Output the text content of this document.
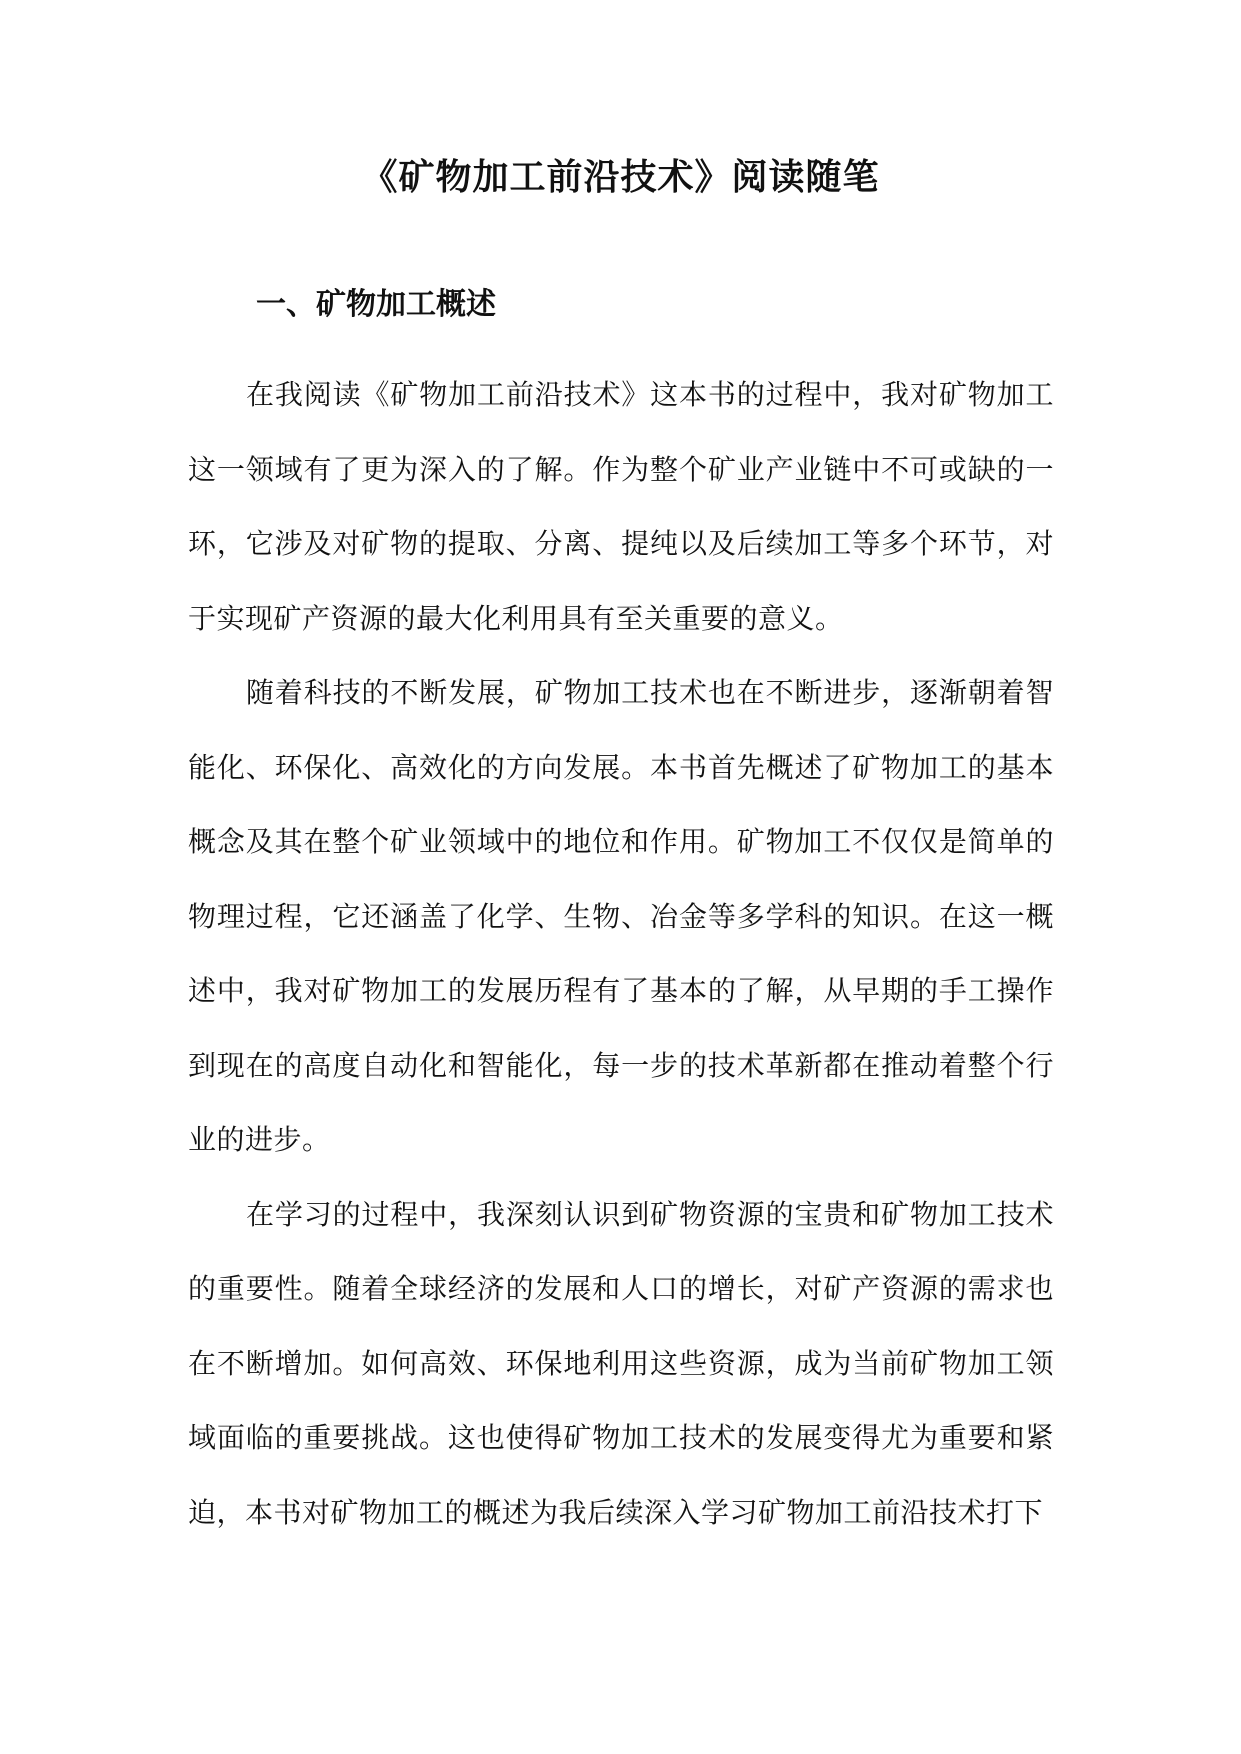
《矿物加工前沿技术》阅读随笔
一、矿物加工概述

在我阅读《矿物加工前沿技术》这本书的过程中，我对矿物加工这一领域有了更为深入的了解。作为整个矿业产业链中不可或缺的一环，它涉及对矿物的提取、分离、提纯以及后续加工等多个环节，对于实现矿产资源的最大化利用具有至关重要的意义。

随着科技的不断发展，矿物加工技术也在不断进步，逐渐朝着智能化、环保化、高效化的方向发展。本书首先概述了矿物加工的基本概念及其在整个矿业领域中的地位和作用。矿物加工不仅仅是简单的物理过程，它还涵盖了化学、生物、冶金等多学科的知识。在这一概述中，我对矿物加工的发展历程有了基本的了解，从早期的手工操作到现在的高度自动化和智能化，每一步的技术革新都在推动着整个行业的进步。

在学习的过程中，我深刻认识到矿物资源的宝贵和矿物加工技术的重要性。随着全球经济的发展和人口的增长，对矿产资源的需求也在不断增加。如何高效、环保地利用这些资源，成为当前矿物加工领域面临的重要挑战。这也使得矿物加工技术的发展变得尤为重要和紧迫，本书对矿物加工的概述为我后续深入学习矿物加工前沿技术打下
